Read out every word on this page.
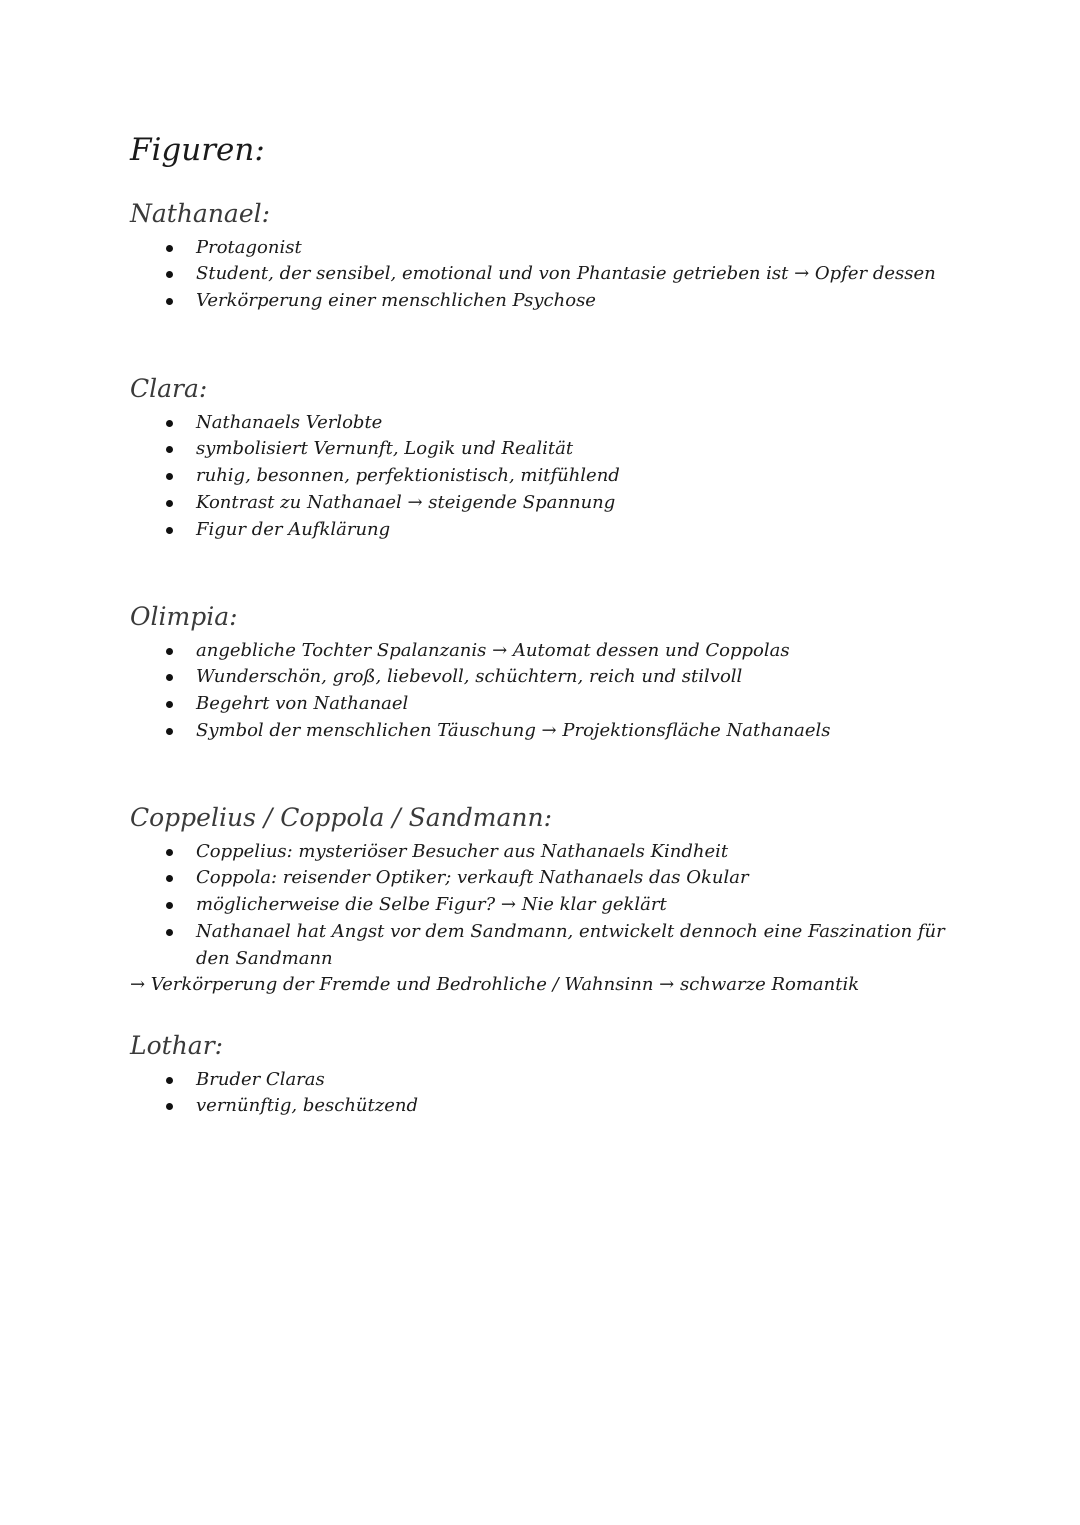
Figuren:
Nathanael:
Protagonist
Student, der sensibel, emotional und von Phantasie getrieben ist → Opfer dessen
Verkörperung einer menschlichen Psychose
Clara:
Nathanaels Verlobte
symbolisiert Vernunft, Logik und Realität
ruhig, besonnen, perfektionistisch, mitfühlend
Kontrast zu Nathanael → steigende Spannung
Figur der Aufklärung
Olimpia:
angebliche Tochter Spalanzanis → Automat dessen und Coppolas
Wunderschön, groß, liebevoll, schüchtern, reich und stilvoll
Begehrt von Nathanael
Symbol der menschlichen Täuschung → Projektionsfläche Nathanaels
Coppelius / Coppola / Sandmann:
Coppelius: mysteriöser Besucher aus Nathanaels Kindheit
Coppola: reisender Optiker; verkauft Nathanaels das Okular
möglicherweise die Selbe Figur? → Nie klar geklärt
Nathanael hat Angst vor dem Sandmann, entwickelt dennoch eine Faszination für den Sandmann

→ Verkörperung der Fremde und Bedrohliche / Wahnsinn → schwarze Romantik

Lothar:
Bruder Claras
vernünftig, beschützend
